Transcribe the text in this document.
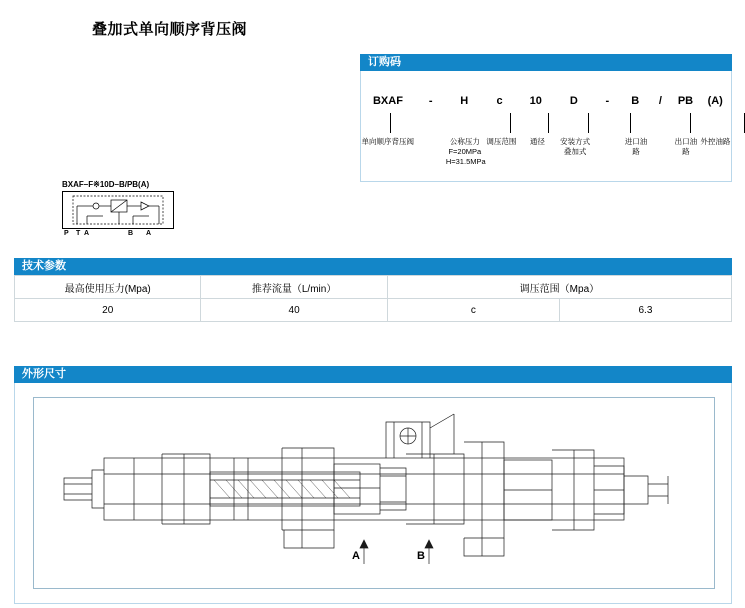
叠加式单向顺序背压阀
订购码
BXAF	-	H	c	10	D	-	B	/	PB	(A)
单向顺序背压阀	公称压力
F=20MPa
H=31.5MPa
调压范围	通径	安装方式
叠加式
进口油路
出口油路
外控油路
BXAF–F※10D–B/PB(A)
P T A	B A
技术参数
最高使用压力(Mpa)	推荐流量（L/min）	调压范围（Mpa）	
20	40	c	6.3
外形尺寸
A	B
